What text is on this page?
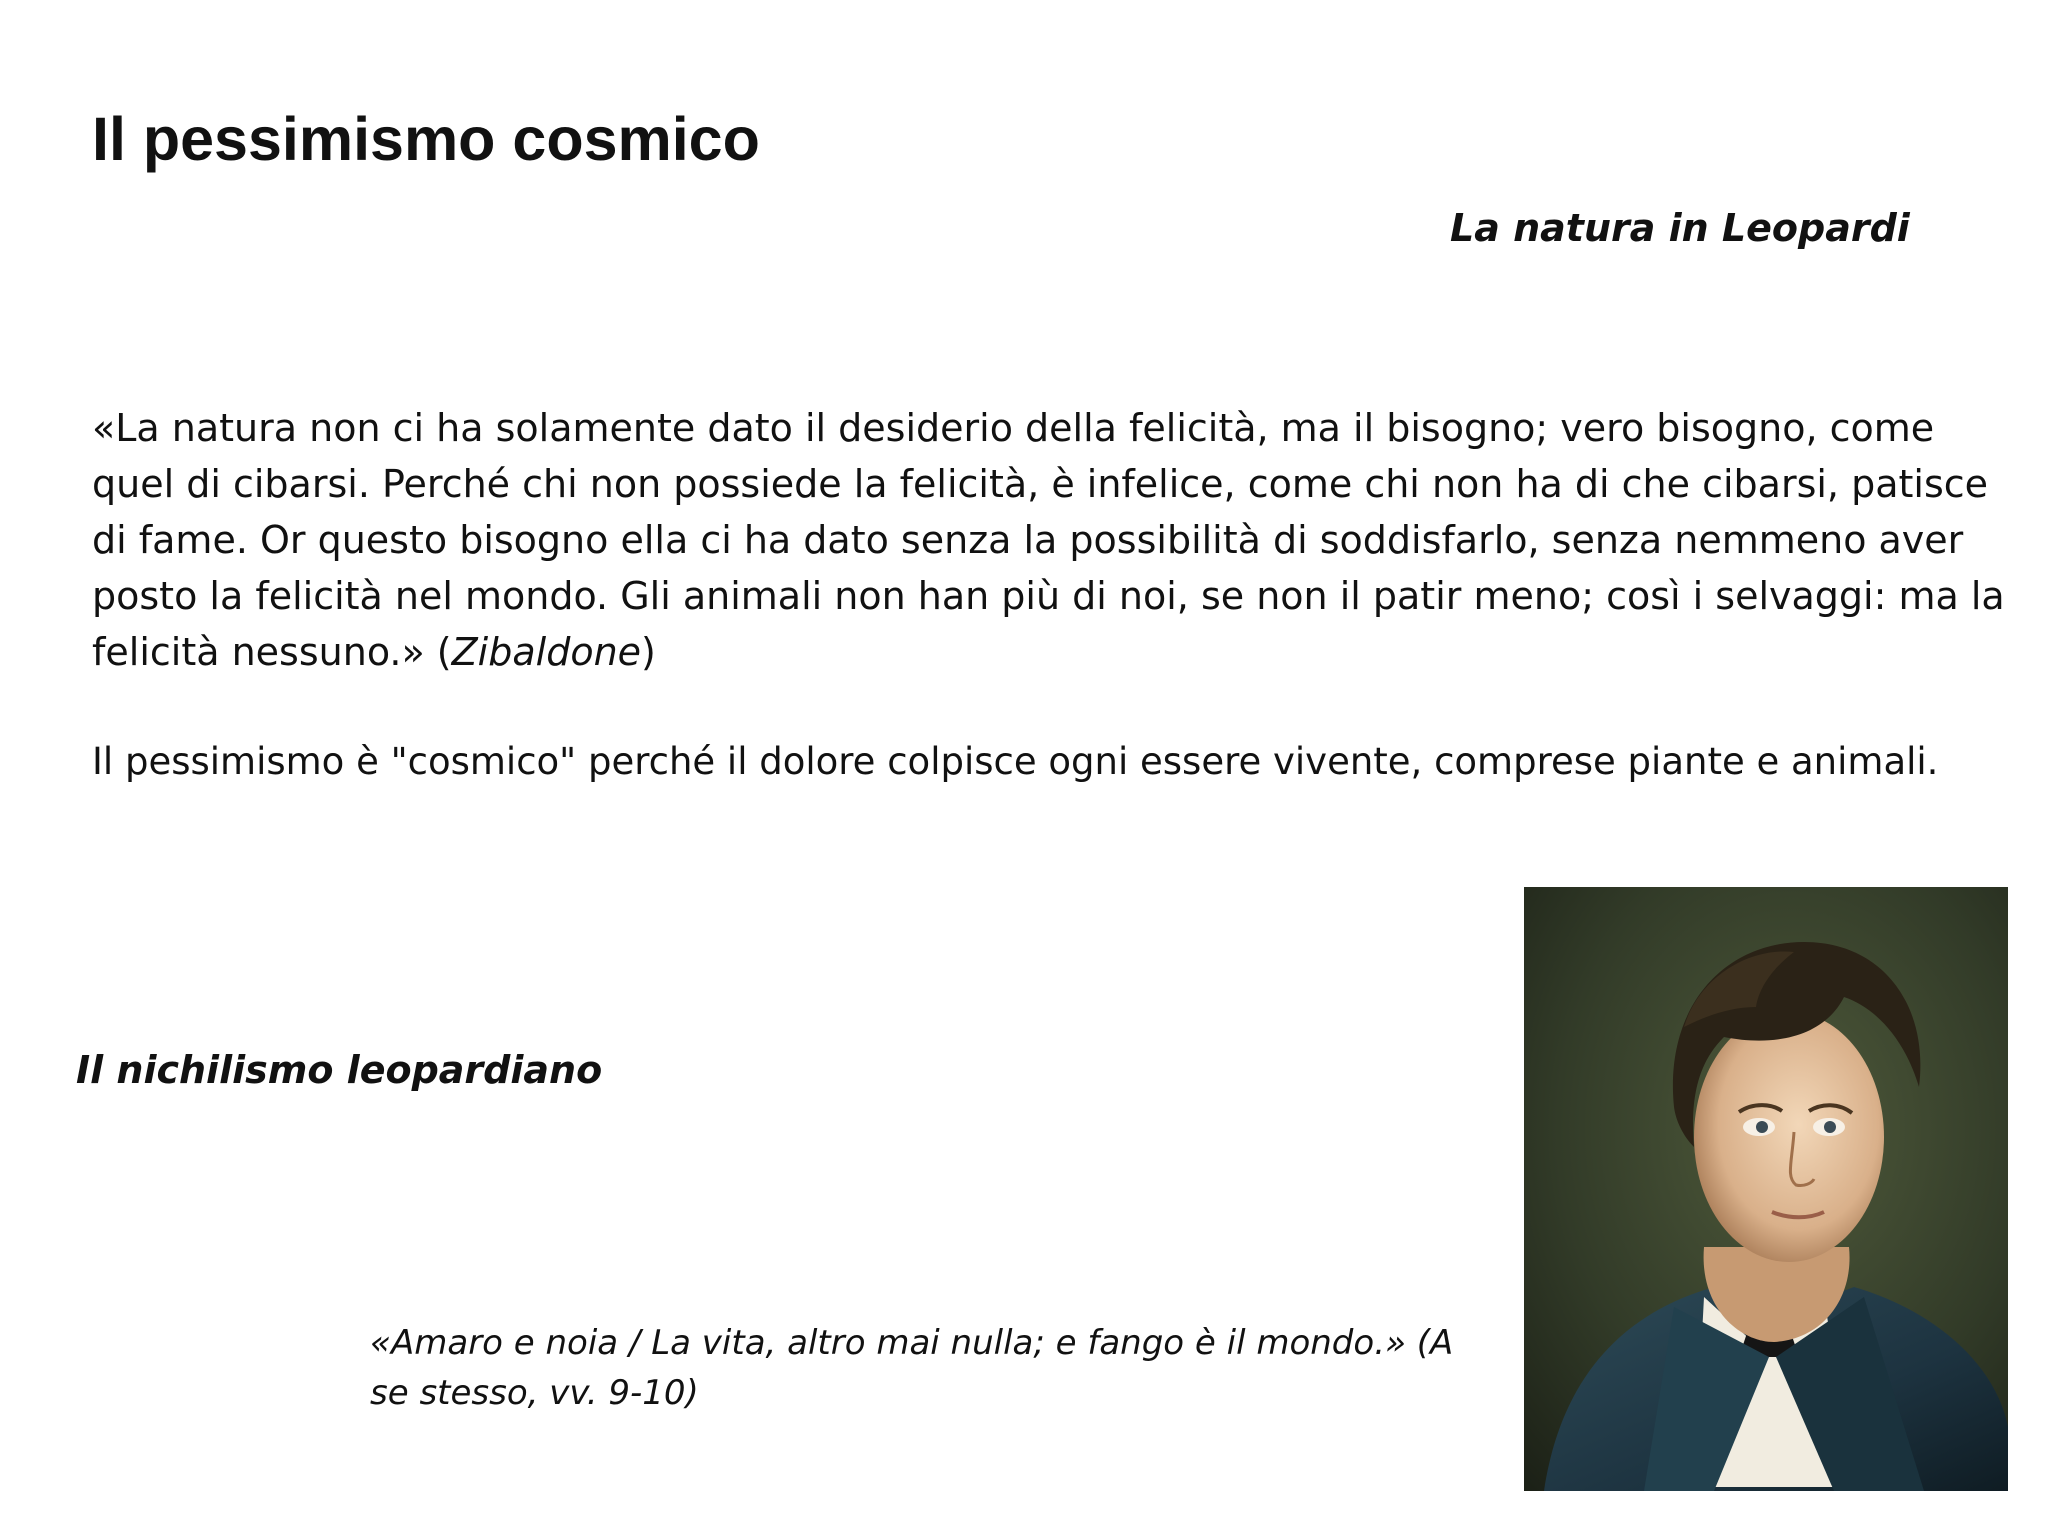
Il pessimismo cosmico
La natura in Leopardi

«La natura non ci ha solamente dato il desiderio della felicità, ma il bisogno; vero bisogno, come quel di cibarsi. Perché chi non possiede la felicità, è infelice, come chi non ha di che cibarsi, patisce di fame. Or questo bisogno ella ci ha dato senza la possibilità di soddisfarlo, senza nemmeno aver posto la felicità nel mondo. Gli animali non han più di noi, se non il patir meno; così i selvaggi: ma la felicità nessuno.» (Zibaldone)

Il pessimismo è "cosmico" perché il dolore colpisce ogni essere vivente, comprese piante e animali.

Il nichilismo leopardiano

«Amaro e noia / La vita, altro mai nulla; e fango è il mondo.» (A se stesso, vv. 9-10)
